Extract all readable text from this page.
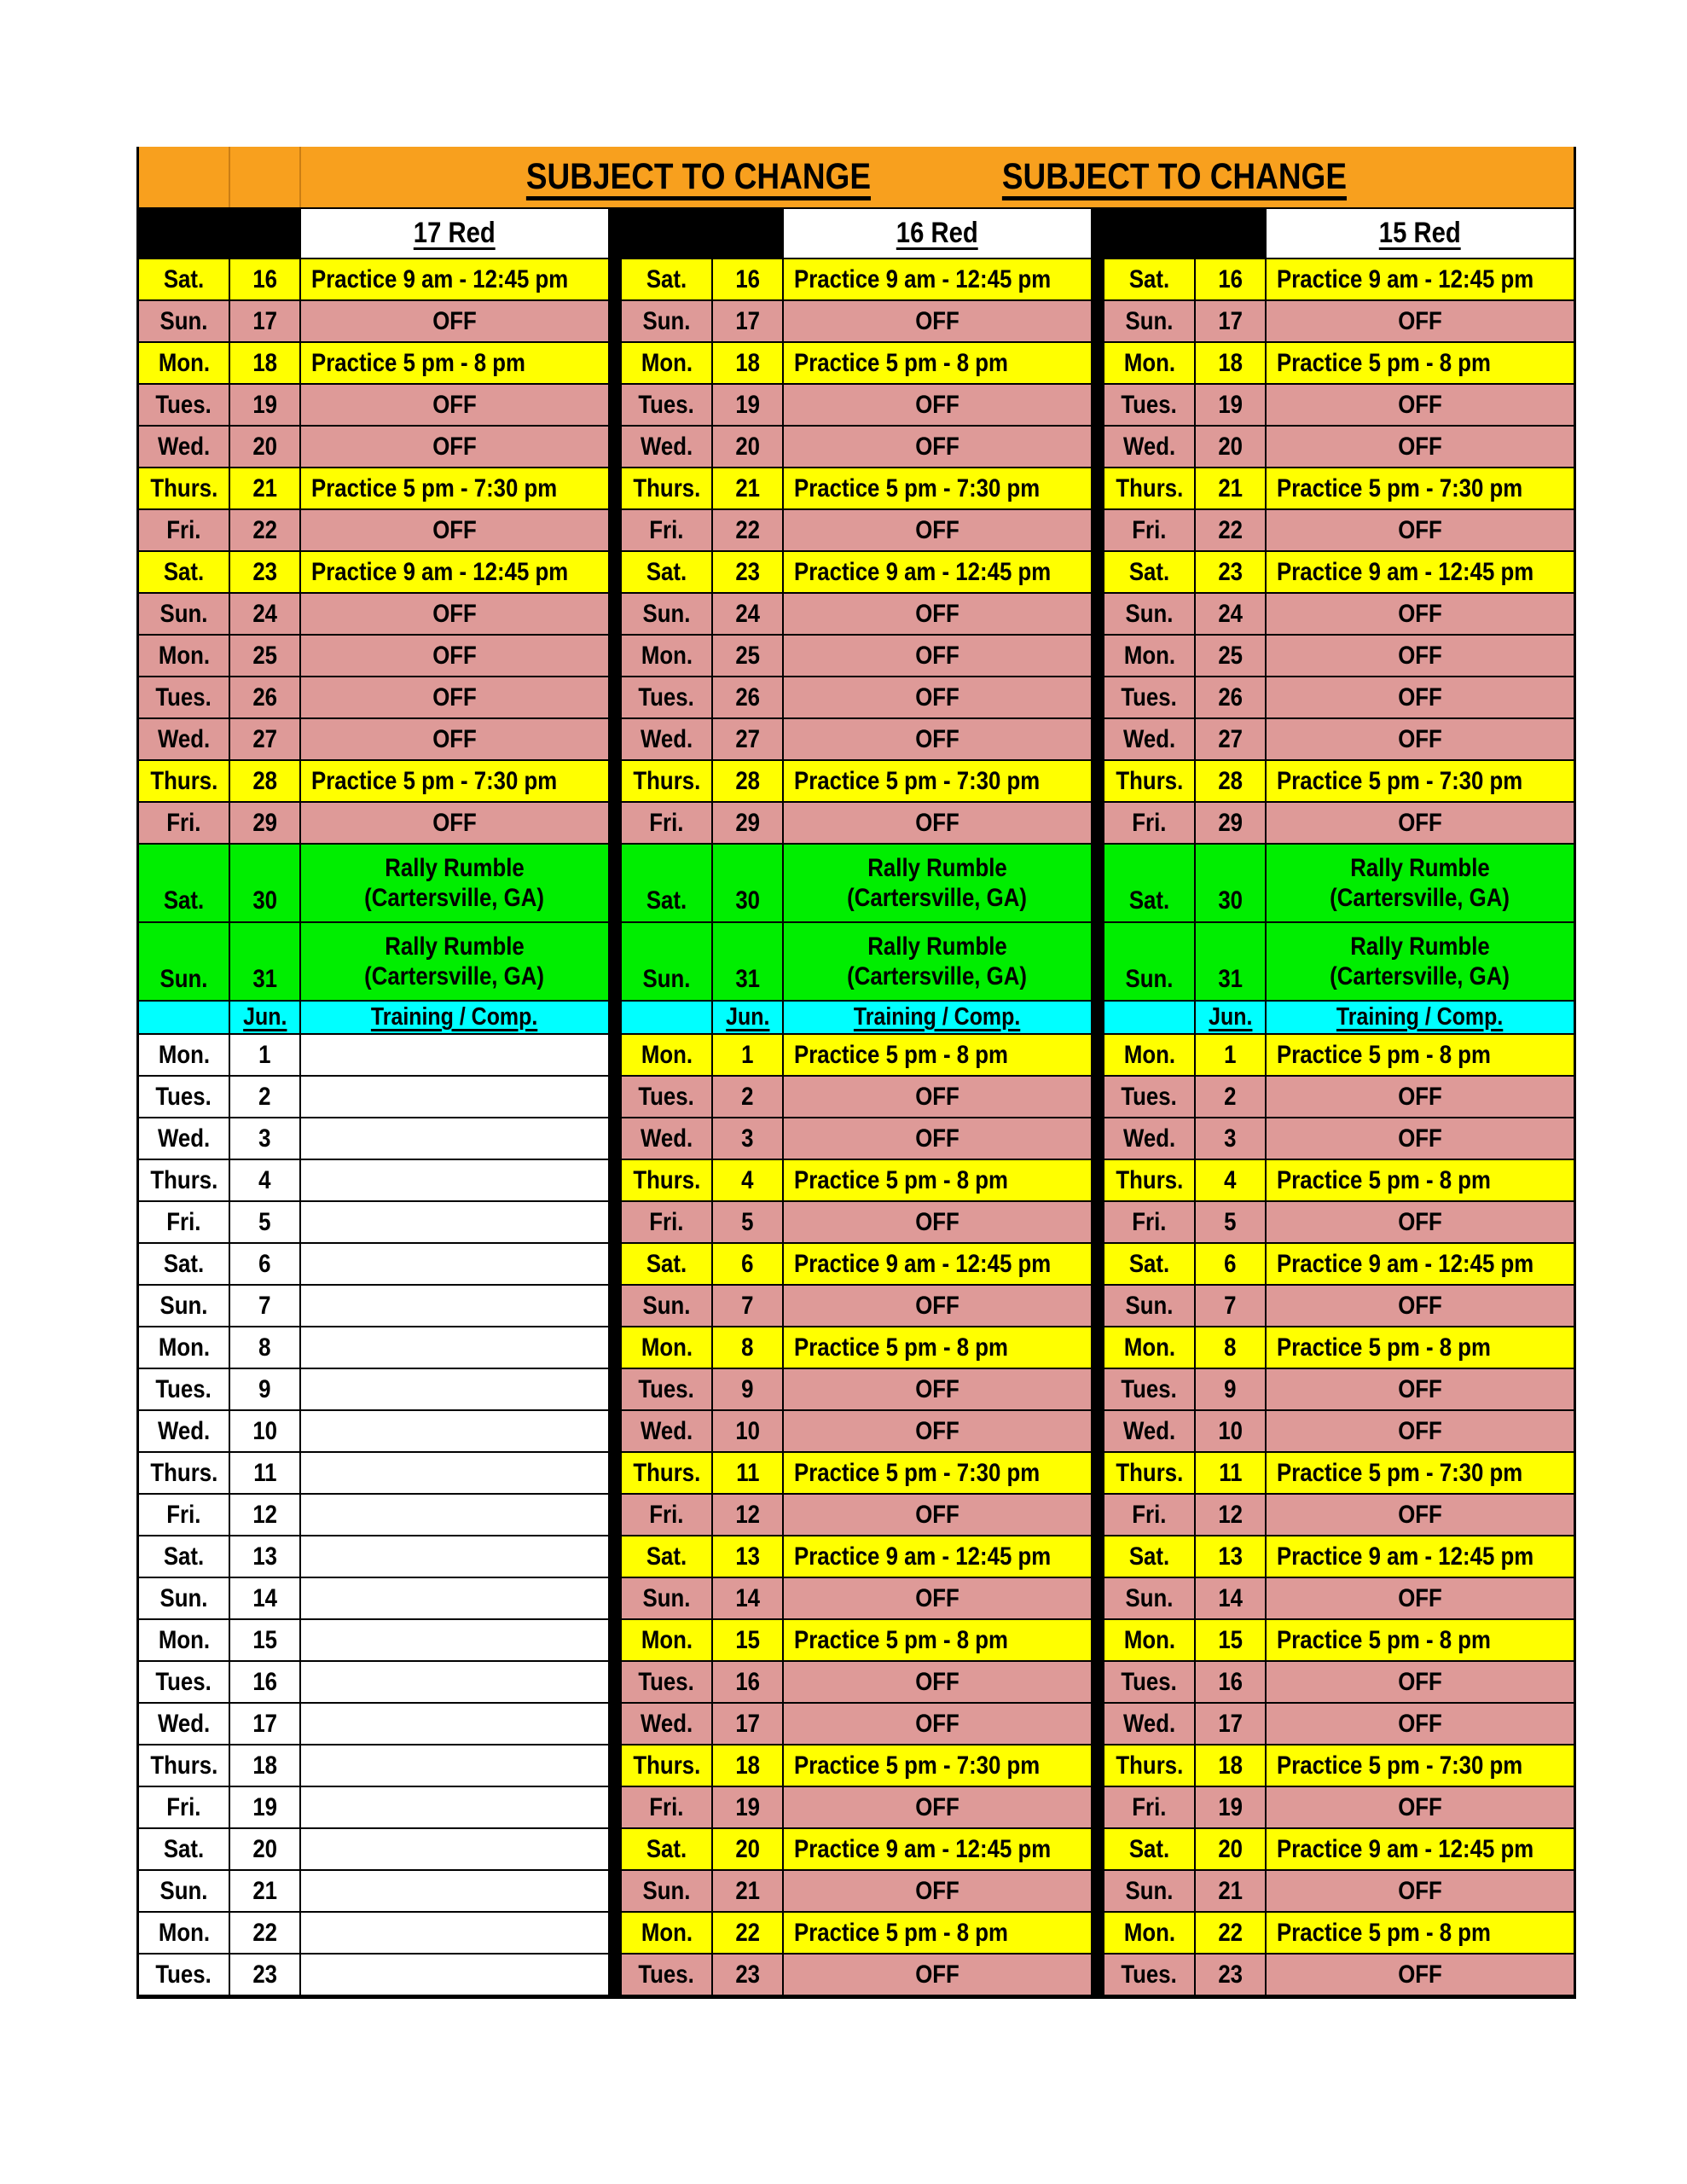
SUBJECT TO CHANGE	SUBJECT TO CHANGE
17 Red
Sat. 16 Practice 9 am - 12:45 pm
Sun. 17	OFF
Mon. 18 Practice 5 pm - 8 pm
Tues. 19	OFF
Wed. 20	OFF
Thurs. 21 Practice 5 pm - 7:30 pm
Fri. 22	OFF
Sat. 23 Practice 9 am - 12:45 pm
Sun. 24	OFF
Mon. 25	OFF
Tues. 26	OFF
Wed. 27	OFF
Thurs. 28 Practice 5 pm - 7:30 pm
Fri. 29	OFF
Sat. 30
Rally Rumble
(Cartersville, GA)
Sun. 31
Rally Rumble
(Cartersville, GA)
Jun.	Training / Comp.
Mon. 1
Tues. 2
Wed. 3
Thurs. 4
Fri. 5
Sat. 6
Sun. 7
Mon. 8
Tues. 9
Wed. 10
Thurs. 11
Fri. 12
Sat. 13
Sun. 14
Mon. 15
Tues. 16
Wed. 17
Thurs. 18
Fri. 19
Sat. 20
Sun. 21
Mon. 22
Tues. 23
16 Red
Sat. 16 Practice 9 am - 12:45 pm
Sun. 17	OFF
Mon. 18 Practice 5 pm - 8 pm
Tues. 19	OFF
Wed. 20	OFF
Thurs. 21 Practice 5 pm - 7:30 pm
Fri. 22	OFF
Sat. 23 Practice 9 am - 12:45 pm
Sun. 24	OFF
Mon. 25	OFF
Tues. 26	OFF
Wed. 27	OFF
Thurs. 28 Practice 5 pm - 7:30 pm
Fri. 29	OFF
Sat. 30
Rally Rumble
(Cartersville, GA)
Sun. 31
Rally Rumble
(Cartersville, GA)
Jun.	Training / Comp.
Mon. 1 Practice 5 pm - 8 pm
Tues. 2	OFF
Wed. 3	OFF
Thurs. 4 Practice 5 pm - 8 pm
Fri. 5	OFF
Sat. 6 Practice 9 am - 12:45 pm
Sun. 7	OFF
Mon. 8 Practice 5 pm - 8 pm
Tues. 9	OFF
Wed. 10	OFF
Thurs. 11 Practice 5 pm - 7:30 pm
Fri. 12	OFF
Sat. 13 Practice 9 am - 12:45 pm
Sun. 14	OFF
Mon. 15 Practice 5 pm - 8 pm
Tues. 16	OFF
Wed. 17	OFF
Thurs. 18 Practice 5 pm - 7:30 pm
Fri. 19	OFF
Sat. 20 Practice 9 am - 12:45 pm
Sun. 21	OFF
Mon. 22 Practice 5 pm - 8 pm
Tues. 23	OFF
15 Red
Sat. 16 Practice 9 am - 12:45 pm
Sun. 17	OFF
Mon. 18 Practice 5 pm - 8 pm
Tues. 19	OFF
Wed. 20	OFF
Thurs. 21 Practice 5 pm - 7:30 pm
Fri. 22	OFF
Sat. 23 Practice 9 am - 12:45 pm
Sun. 24	OFF
Mon. 25	OFF
Tues. 26	OFF
Wed. 27	OFF
Thurs. 28 Practice 5 pm - 7:30 pm
Fri. 29	OFF
Sat. 30
Rally Rumble
(Cartersville, GA)
Sun. 31
Rally Rumble
(Cartersville, GA)
Jun.	Training / Comp.
Mon. 1 Practice 5 pm - 8 pm
Tues. 2	OFF
Wed. 3	OFF
Thurs. 4 Practice 5 pm - 8 pm
Fri. 5	OFF
Sat. 6 Practice 9 am - 12:45 pm
Sun. 7	OFF
Mon. 8 Practice 5 pm - 8 pm
Tues. 9	OFF
Wed. 10	OFF
Thurs. 11 Practice 5 pm - 7:30 pm
Fri. 12	OFF
Sat. 13 Practice 9 am - 12:45 pm
Sun. 14	OFF
Mon. 15 Practice 5 pm - 8 pm
Tues. 16	OFF
Wed. 17	OFF
Thurs. 18 Practice 5 pm - 7:30 pm
Fri. 19	OFF
Sat. 20 Practice 9 am - 12:45 pm
Sun. 21	OFF
Mon. 22 Practice 5 pm - 8 pm
Tues. 23	OFF
